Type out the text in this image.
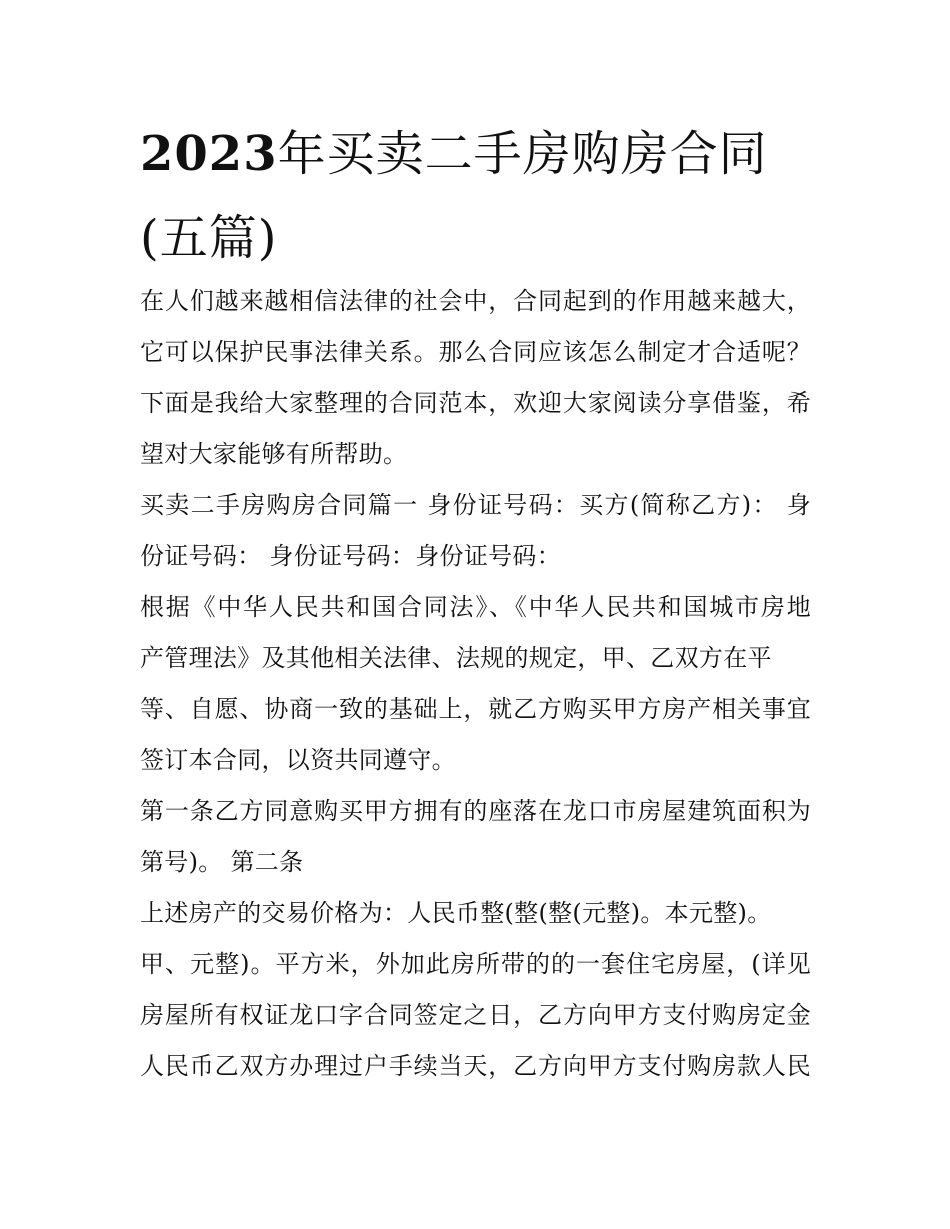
2023年买卖二手房购房合同
(五篇)
在人们越来越相信法律的社会中，合同起到的作用越来越大，
它可以保护民事法律关系。那么合同应该怎么制定才合适呢？
下面是我给大家整理的合同范本，欢迎大家阅读分享借鉴，希
望对大家能够有所帮助。
买卖二手房购房合同篇一 身份证号码：买方(简称乙方)： 身
份证号码： 身份证号码：身份证号码：
根据《中华人民共和国合同法》、《中华人民共和国城市房地
产管理法》及其他相关法律、法规的规定，甲、乙双方在平
等、自愿、协商一致的基础上，就乙方购买甲方房产相关事宜
签订本合同，以资共同遵守。
第一条乙方同意购买甲方拥有的座落在龙口市房屋建筑面积为
第号)。 第二条
上述房产的交易价格为：人民币整(整(整(元整)。本元整)。
甲、元整)。平方米，外加此房所带的的一套住宅房屋，(详见
房屋所有权证龙口字合同签定之日，乙方向甲方支付购房定金
人民币乙双方办理过户手续当天，乙方向甲方支付购房款人民
